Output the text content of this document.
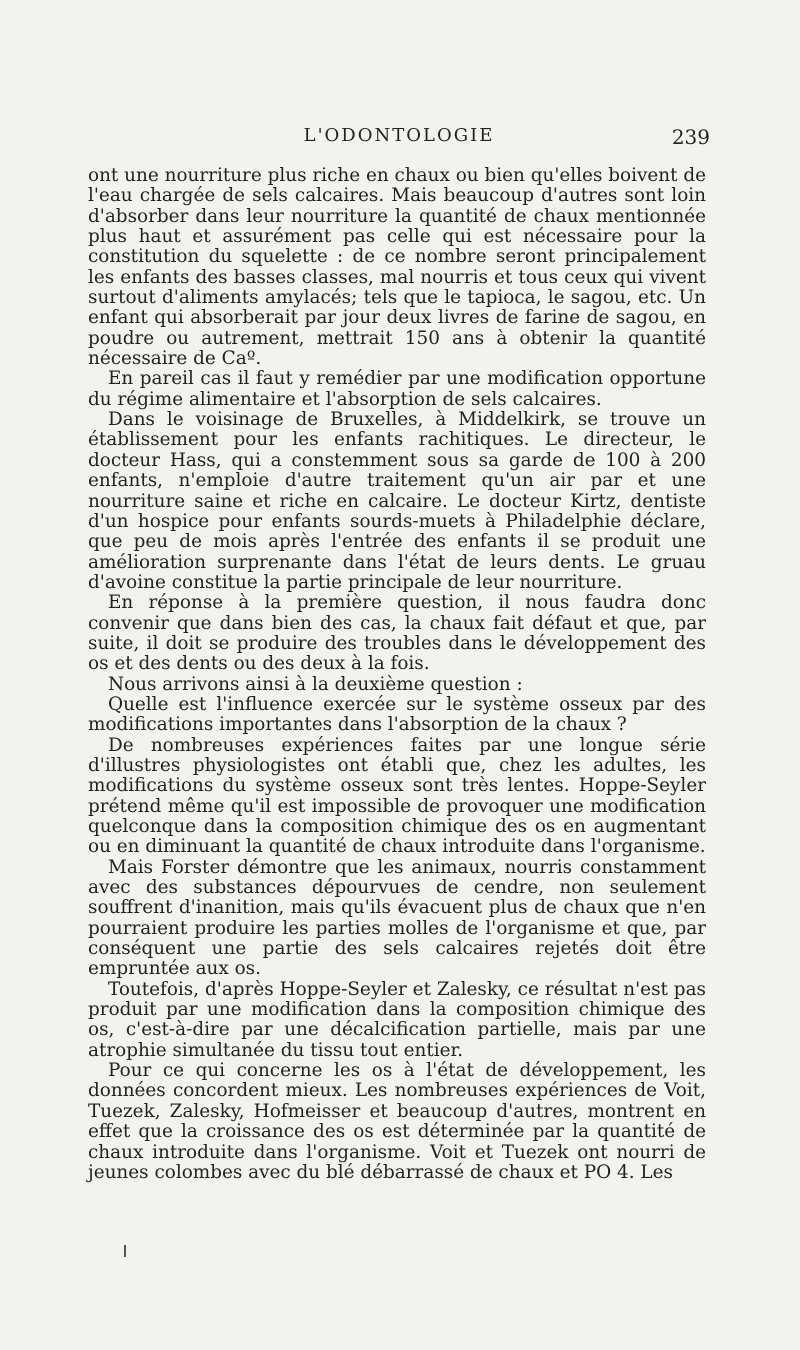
L'ODONTOLOGIE	239

ont une nourriture plus riche en chaux ou bien qu'elles boivent de l'eau chargée de sels calcaires. Mais beaucoup d'autres sont loin d'absorber dans leur nourriture la quantité de chaux mentionnée plus haut et assurément pas celle qui est nécessaire pour la constitution du squelette : de ce nombre seront principalement les enfants des basses classes, mal nourris et tous ceux qui vivent surtout d'aliments amylacés; tels que le tapioca, le sagou, etc. Un enfant qui absorberait par jour deux livres de farine de sagou, en poudre ou autrement, mettrait 150 ans à obtenir la quantité nécessaire de Caº.

En pareil cas il faut y remédier par une modification opportune du régime alimentaire et l'absorption de sels calcaires.

Dans le voisinage de Bruxelles, à Middelkirk, se trouve un établissement pour les enfants rachitiques. Le directeur, le docteur Hass, qui a constemment sous sa garde de 100 à 200 enfants, n'emploie d'autre traitement qu'un air par et une nourriture saine et riche en calcaire. Le docteur Kirtz, dentiste d'un hospice pour enfants sourds-muets à Philadelphie déclare, que peu de mois après l'entrée des enfants il se produit une amélioration surprenante dans l'état de leurs dents. Le gruau d'avoine constitue la partie principale de leur nourriture.

En réponse à la première question, il nous faudra donc convenir que dans bien des cas, la chaux fait défaut et que, par suite, il doit se produire des troubles dans le développement des os et des dents ou des deux à la fois.

Nous arrivons ainsi à la deuxième question :

Quelle est l'influence exercée sur le système osseux par des modifications importantes dans l'absorption de la chaux ?

De nombreuses expériences faites par une longue série d'illustres physiologistes ont établi que, chez les adultes, les modifications du système osseux sont très lentes. Hoppe-Seyler prétend même qu'il est impossible de provoquer une modification quelconque dans la composition chimique des os en augmentant ou en diminuant la quantité de chaux introduite dans l'organisme.

Mais Forster démontre que les animaux, nourris constamment avec des substances dépourvues de cendre, non seulement souffrent d'inanition, mais qu'ils évacuent plus de chaux que n'en pourraient produire les parties molles de l'organisme et que, par conséquent une partie des sels calcaires rejetés doit être empruntée aux os.

Toutefois, d'après Hoppe-Seyler et Zalesky, ce résultat n'est pas produit par une modification dans la composition chimique des os, c'est-à-dire par une décalcification partielle, mais par une atrophie simultanée du tissu tout entier.

Pour ce qui concerne les os à l'état de développement, les données concordent mieux. Les nombreuses expériences de Voit, Tuezek, Zalesky, Hofmeisser et beaucoup d'autres, montrent en effet que la croissance des os est déterminée par la quantité de chaux introduite dans l'organisme. Voit et Tuezek ont nourri de jeunes colombes avec du blé débarrassé de chaux et PO 4. Les
